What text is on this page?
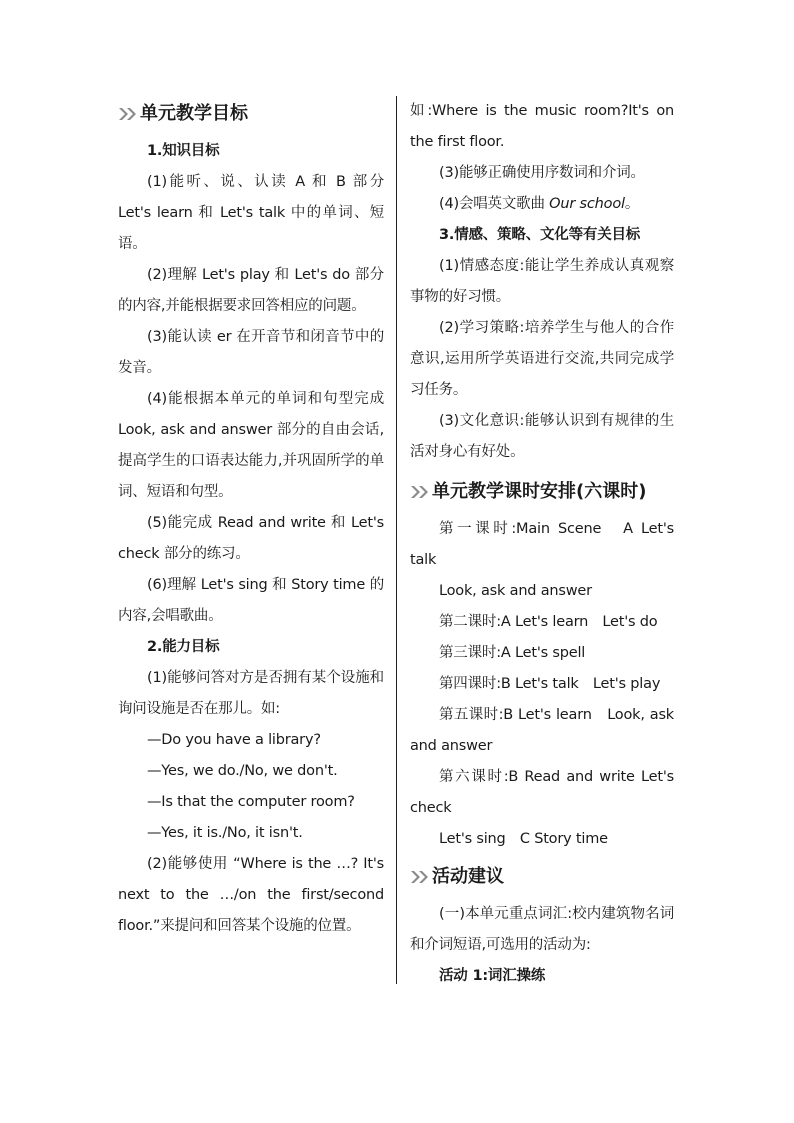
单元教学目标

1.知识目标

(1)能听、说、认读 A 和 B 部分 Let's learn 和 Let's talk 中的单词、短语。

(2)理解 Let's play 和 Let's do 部分的内容,并能根据要求回答相应的问题。

(3)能认读 er 在开音节和闭音节中的发音。

(4)能根据本单元的单词和句型完成 Look, ask and answer 部分的自由会话,提高学生的口语表达能力,并巩固所学的单词、短语和句型。

(5)能完成 Read and write 和 Let's check 部分的练习。

(6)理解 Let's sing 和 Story time 的内容,会唱歌曲。

2.能力目标

(1)能够问答对方是否拥有某个设施和询问设施是否在那儿。如:

—Do you have a library?

—Yes, we do./No, we don't.

—Is that the computer room?

—Yes, it is./No, it isn't.

(2)能够使用 “Where is the …? It's next to the …/on the first/second floor.”来提问和回答某个设施的位置。

如:Where is the music room?It's on the first floor.

(3)能够正确使用序数词和介词。

(4)会唱英文歌曲 Our school。

3.情感、策略、文化等有关目标

(1)情感态度:能让学生养成认真观察事物的好习惯。

(2)学习策略:培养学生与他人的合作意识,运用所学英语进行交流,共同完成学习任务。

(3)文化意识:能够认识到有规律的生活对身心有好处。

单元教学课时安排(六课时)

第一课时:Main Scene　A Let's talk

Look, ask and answer

第二课时:A Let's learn　Let's do

第三课时:A Let's spell

第四课时:B Let's talk　Let's play

第五课时:B Let's learn　Look, ask and answer

第六课时:B Read and write Let's check

Let's sing　C Story time

活动建议

(一)本单元重点词汇:校内建筑物名词和介词短语,可选用的活动为:

活动 1:词汇操练
